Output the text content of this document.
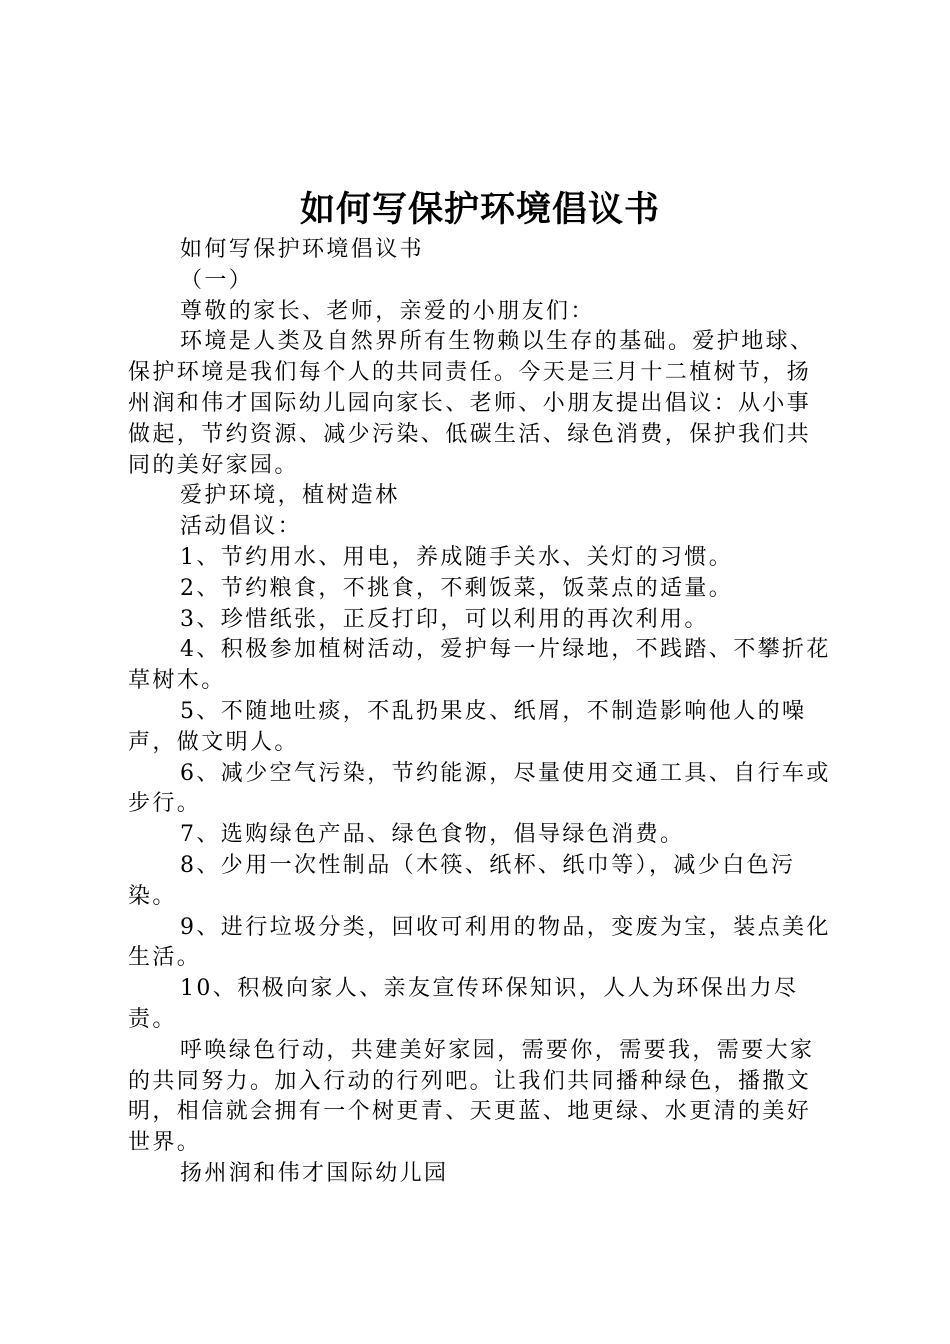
如何写保护环境倡议书

如何写保护环境倡议书

（一）

尊敬的家长、老师，亲爱的小朋友们：

环境是人类及自然界所有生物赖以生存的基础。爱护地球、保护环境是我们每个人的共同责任。今天是三月十二植树节，扬州润和伟才国际幼儿园向家长、老师、小朋友提出倡议：从小事做起，节约资源、减少污染、低碳生活、绿色消费，保护我们共同的美好家园。

爱护环境，植树造林

活动倡议：

1、节约用水、用电，养成随手关水、关灯的习惯。

2、节约粮食，不挑食，不剩饭菜，饭菜点的适量。

3、珍惜纸张，正反打印，可以利用的再次利用。

4、积极参加植树活动，爱护每一片绿地，不践踏、不攀折花草树木。

5、不随地吐痰，不乱扔果皮、纸屑，不制造影响他人的噪声，做文明人。

6、减少空气污染，节约能源，尽量使用交通工具、自行车或步行。

7、选购绿色产品、绿色食物，倡导绿色消费。

8、少用一次性制品（木筷、纸杯、纸巾等），减少白色污染。

9、进行垃圾分类，回收可利用的物品，变废为宝，装点美化生活。

10、积极向家人、亲友宣传环保知识，人人为环保出力尽责。

呼唤绿色行动，共建美好家园，需要你，需要我，需要大家的共同努力。加入行动的行列吧。让我们共同播种绿色，播撒文明，相信就会拥有一个树更青、天更蓝、地更绿、水更清的美好世界。

扬州润和伟才国际幼儿园
